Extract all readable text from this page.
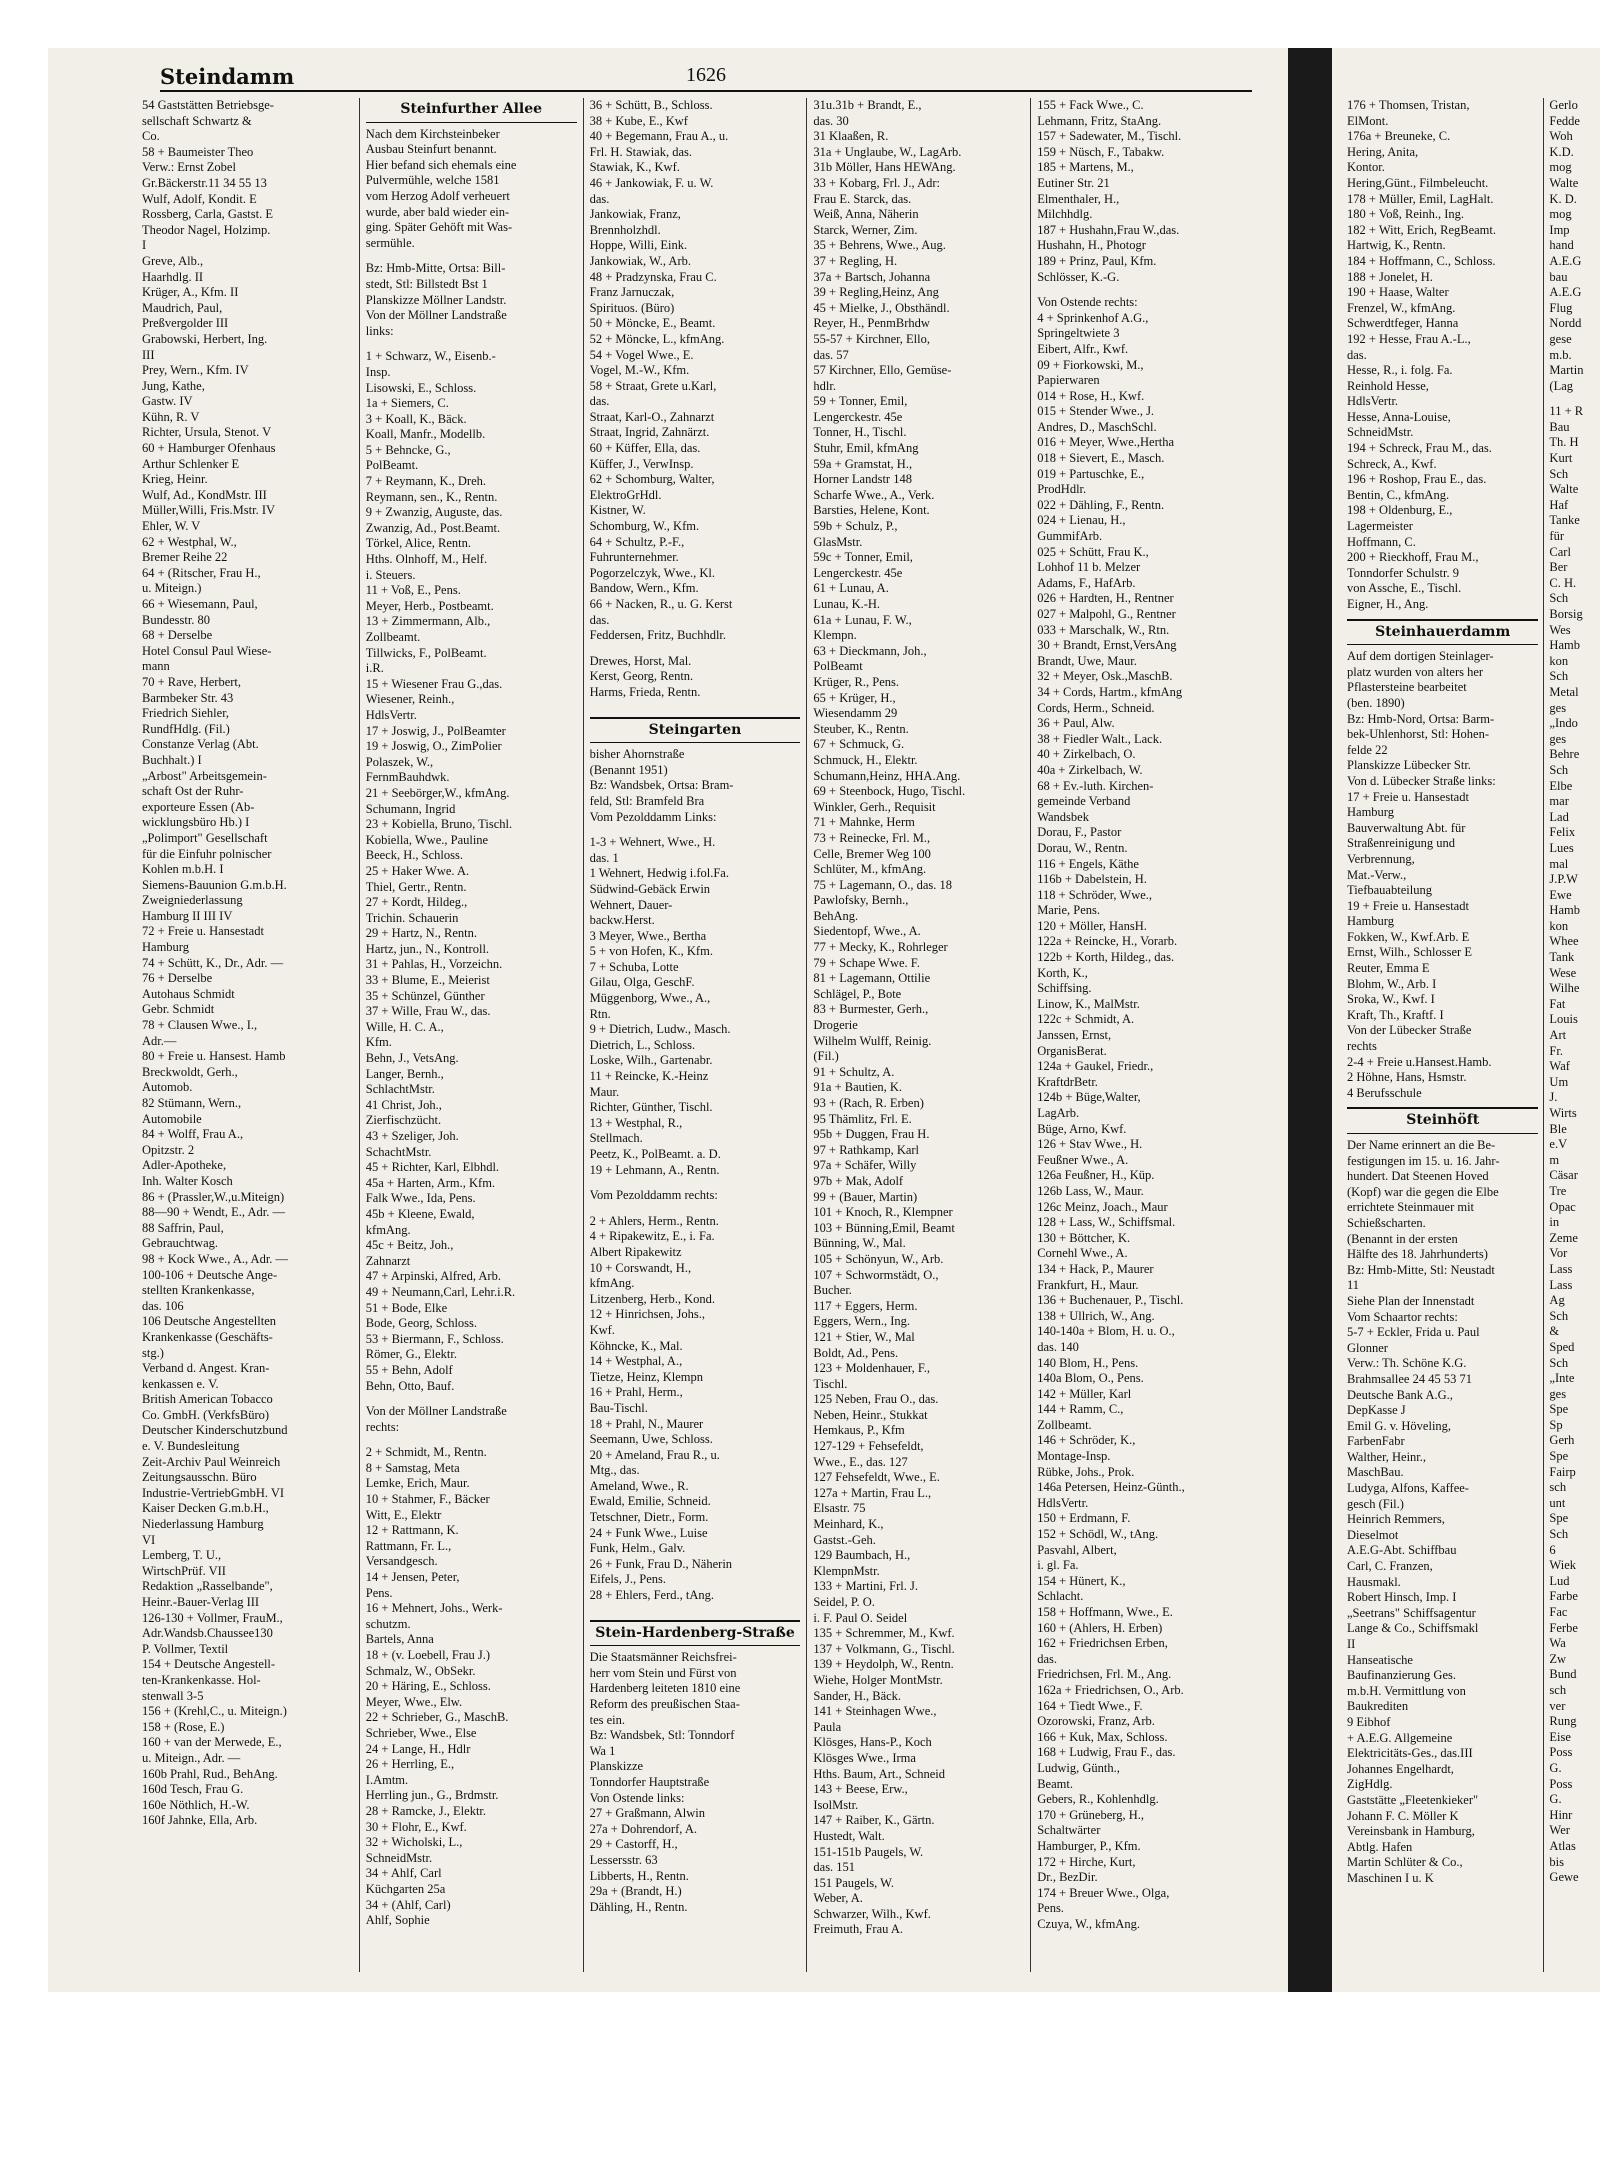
Steindamm	1626
54 Gaststätten Betriebsge-
sellschaft Schwartz &
Co.
58 + Baumeister Theo
Verw.: Ernst Zobel
Gr.Bäckerstr.11 34 55 13
Wulf, Adolf, Kondit. E
Rossberg, Carla, Gastst. E
Theodor Nagel, Holzimp.
I
Greve, Alb.,
Haarhdlg. II
Krüger, A., Kfm. II
Maudrich, Paul,
Preßvergolder III
Grabowski, Herbert, Ing.
III
Prey, Wern., Kfm. IV
Jung, Kathe,
Gastw. IV
Kühn, R. V
Richter, Ursula, Stenot. V
60 + Hamburger Ofenhaus
Arthur Schlenker E
Krieg, Heinr.
Wulf, Ad., KondMstr. III
Müller,Willi, Fris.Mstr. IV
Ehler, W. V
62 + Westphal, W.,
Bremer Reihe 22
64 + (Ritscher, Frau H.,
u. Miteign.)
66 + Wiesemann, Paul,
Bundesstr. 80
68 + Derselbe
Hotel Consul Paul Wiese-
mann
70 + Rave, Herbert,
Barmbeker Str. 43
Friedrich Siehler,
RundfHdlg. (Fil.)
Constanze Verlag (Abt.
Buchhalt.) I
„Arbost" Arbeitsgemein-
schaft Ost der Ruhr-
exporteure Essen (Ab-
wicklungsbüro Hb.) I
„Polimport" Gesellschaft
für die Einfuhr polnischer
Kohlen m.b.H. I
Siemens-Bauunion G.m.b.H.
Zweigniederlassung
Hamburg II III IV
72 + Freie u. Hansestadt
Hamburg
74 + Schütt, K., Dr., Adr. —
76 + Derselbe
Autohaus Schmidt
Gebr. Schmidt
78 + Clausen Wwe., I.,
Adr.—
80 + Freie u. Hansest. Hamb
Breckwoldt, Gerh.,
Automob.
82 Stümann, Wern.,
Automobile
84 + Wolff, Frau A.,
Opitzstr. 2
Adler-Apotheke,
Inh. Walter Kosch
86 + (Prassler,W.,u.Miteign)
88—90 + Wendt, E., Adr. —
88 Saffrin, Paul,
Gebrauchtwag.
98 + Kock Wwe., A., Adr. —
100-106 + Deutsche Ange-
stellten Krankenkasse,
das. 106
106 Deutsche Angestellten
Krankenkasse (Geschäfts-
stg.)
Verband d. Angest. Kran-
kenkassen e. V.
British American Tobacco
Co. GmbH. (VerkfsBüro)
Deutscher Kinderschutzbund
e. V. Bundesleitung
Zeit-Archiv Paul Weinreich
Zeitungsausschn. Büro
Industrie-VertriebGmbH. VI
Kaiser Decken G.m.b.H.,
Niederlassung Hamburg
VI
Lemberg, T. U.,
WirtschPrüf. VII
Redaktion „Rasselbande",
Heinr.-Bauer-Verlag III
126-130 + Vollmer, FrauM.,
Adr.Wandsb.Chaussee130
P. Vollmer, Textil
154 + Deutsche Angestell-
ten-Krankenkasse. Hol-
stenwall 3-5
156 + (Krehl,C., u. Miteign.)
158 + (Rose, E.)
160 + van der Merwede, E.,
u. Miteign., Adr. —
160b Prahl, Rud., BehAng.
160d Tesch, Frau G.
160e Nöthlich, H.-W.
160f Jahnke, Ella, Arb.
Steinfurther Allee
Nach dem Kirchsteinbeker
Ausbau Steinfurt benannt.
Hier befand sich ehemals eine
Pulvermühle, welche 1581
vom Herzog Adolf verheuert
wurde, aber bald wieder ein-
ging. Später Gehöft mit Was-
sermühle.
Bz: Hmb-Mitte, Ortsa: Bill-
stedt, Stl: Billstedt Bst 1
Planskizze Möllner Landstr.
Von der Möllner Landstraße
links:
1 + Schwarz, W., Eisenb.-
Insp.
Lisowski, E., Schloss.
1a + Siemers, C.
3 + Koall, K., Bäck.
Koall, Manfr., Modellb.
5 + Behncke, G.,
PolBeamt.
7 + Reymann, K., Dreh.
Reymann, sen., K., Rentn.
9 + Zwanzig, Auguste, das.
Zwanzig, Ad., Post.Beamt.
Törkel, Alice, Rentn.
Hths. Olnhoff, M., Helf.
i. Steuers.
11 + Voß, E., Pens.
Meyer, Herb., Postbeamt.
13 + Zimmermann, Alb.,
Zollbeamt.
Tillwicks, F., PolBeamt.
i.R.
15 + Wiesener Frau G.,das.
Wiesener, Reinh.,
HdlsVertr.
17 + Joswig, J., PolBeamter
19 + Joswig, O., ZimPolier
Polaszek, W.,
FernmBauhdwk.
21 + Seebörger,W., kfmAng.
Schumann, Ingrid
23 + Kobiella, Bruno, Tischl.
Kobiella, Wwe., Pauline
Beeck, H., Schloss.
25 + Haker Wwe. A.
Thiel, Gertr., Rentn.
27 + Kordt, Hildeg.,
Trichin. Schauerin
29 + Hartz, N., Rentn.
Hartz, jun., N., Kontroll.
31 + Pahlas, H., Vorzeichn.
33 + Blume, E., Meierist
35 + Schünzel, Günther
37 + Wille, Frau W., das.
Wille, H. C. A.,
Kfm.
Behn, J., VetsAng.
Langer, Bernh.,
SchlachtMstr.
41 Christ, Joh.,
Zierfischzücht.
43 + Szeliger, Joh.
SchachtMstr.
45 + Richter, Karl, Elbhdl.
45a + Harten, Arm., Kfm.
Falk Wwe., Ida, Pens.
45b + Kleene, Ewald,
kfmAng.
45c + Beitz, Joh.,
Zahnarzt
47 + Arpinski, Alfred, Arb.
49 + Neumann,Carl, Lehr.i.R.
51 + Bode, Elke
Bode, Georg, Schloss.
53 + Biermann, F., Schloss.
Römer, G., Elektr.
55 + Behn, Adolf
Behn, Otto, Bauf.
Von der Möllner Landstraße
rechts:
2 + Schmidt, M., Rentn.
8 + Samstag, Meta
Lemke, Erich, Maur.
10 + Stahmer, F., Bäcker
Witt, E., Elektr
12 + Rattmann, K.
Rattmann, Fr. L.,
Versandgesch.
14 + Jensen, Peter,
Pens.
16 + Mehnert, Johs., Werk-
schutzm.
Bartels, Anna
18 + (v. Loebell, Frau J.)
Schmalz, W., ObSekr.
20 + Häring, E., Schloss.
Meyer, Wwe., Elw.
22 + Schrieber, G., MaschB.
Schrieber, Wwe., Else
24 + Lange, H., Hdlr
26 + Herrling, E.,
I.Amtm.
Herrling jun., G., Brdmstr.
28 + Ramcke, J., Elektr.
30 + Flohr, E., Kwf.
32 + Wicholski, L.,
SchneidMstr.
34 + Ahlf, Carl
Küchgarten 25a
34 + (Ahlf, Carl)
Ahlf, Sophie
36 + Schütt, B., Schloss.
38 + Kube, E., Kwf
40 + Begemann, Frau A., u.
Frl. H. Stawiak, das.
Stawiak, K., Kwf.
46 + Jankowiak, F. u. W.
das.
Jankowiak, Franz,
Brennholzhdl.
Hoppe, Willi, Eink.
Jankowiak, W., Arb.
48 + Pradzynska, Frau C.
Franz Jarnuczak,
Spirituos. (Büro)
50 + Möncke, E., Beamt.
52 + Möncke, L., kfmAng.
54 + Vogel Wwe., E.
Vogel, M.-W., Kfm.
58 + Straat, Grete u.Karl,
das.
Straat, Karl-O., Zahnarzt
Straat, Ingrid, Zahnärzt.
60 + Küffer, Ella, das.
Küffer, J., VerwInsp.
62 + Schomburg, Walter,
ElektroGrHdl.
Kistner, W.
Schomburg, W., Kfm.
64 + Schultz, P.-F.,
Fuhrunternehmer.
Pogorzelczyk, Wwe., Kl.
Bandow, Wern., Kfm.
66 + Nacken, R., u. G. Kerst
das.
Feddersen, Fritz, Buchhdlr.
Drewes, Horst, Mal.
Kerst, Georg, Rentn.
Harms, Frieda, Rentn.
Steingarten
bisher Ahornstraße
(Benannt 1951)
Bz: Wandsbek, Ortsa: Bram-
feld, Stl: Bramfeld Bra
Vom Pezolddamm Links:
1-3 + Wehnert, Wwe., H.
das. 1
1 Wehnert, Hedwig i.fol.Fa.
Südwind-Gebäck Erwin
Wehnert, Dauer-
backw.Herst.
3 Meyer, Wwe., Bertha
5 + von Hofen, K., Kfm.
7 + Schuba, Lotte
Gilau, Olga, GeschF.
Müggenborg, Wwe., A.,
Rtn.
9 + Dietrich, Ludw., Masch.
Dietrich, L., Schloss.
Loske, Wilh., Gartenabr.
11 + Reincke, K.-Heinz
Maur.
Richter, Günther, Tischl.
13 + Westphal, R.,
Stellmach.
Peetz, K., PolBeamt. a. D.
19 + Lehmann, A., Rentn.
Vom Pezolddamm rechts:
2 + Ahlers, Herm., Rentn.
4 + Ripakewitz, E., i. Fa.
Albert Ripakewitz
10 + Corswandt, H.,
kfmAng.
Litzenberg, Herb., Kond.
12 + Hinrichsen, Johs.,
Kwf.
Köhncke, K., Mal.
14 + Westphal, A.,
Tietze, Heinz, Klempn
16 + Prahl, Herm.,
Bau-Tischl.
18 + Prahl, N., Maurer
Seemann, Uwe, Schloss.
20 + Ameland, Frau R., u.
Mtg., das.
Ameland, Wwe., R.
Ewald, Emilie, Schneid.
Tetschner, Dietr., Form.
24 + Funk Wwe., Luise
Funk, Helm., Galv.
26 + Funk, Frau D., Näherin
Eifels, J., Pens.
28 + Ehlers, Ferd., tAng.
Stein-Hardenberg-Straße
Die Staatsmänner Reichsfrei-
herr vom Stein und Fürst von
Hardenberg leiteten 1810 eine
Reform des preußischen Staa-
tes ein.
Bz: Wandsbek, Stl: Tonndorf
Wa 1
Planskizze
Tonndorfer Hauptstraße
Von Ostende links:
27 + Graßmann, Alwin
27a + Dohrendorf, A.
29 + Castorff, H.,
Lessersstr. 63
Libberts, H., Rentn.
29a + (Brandt, H.)
Dähling, H., Rentn.
31u.31b + Brandt, E.,
das. 30
31 Klaaßen, R.
31a + Unglaube, W., LagArb.
31b Möller, Hans HEWAng.
33 + Kobarg, Frl. J., Adr:
Frau E. Starck, das.
Weiß, Anna, Näherin
Starck, Werner, Zim.
35 + Behrens, Wwe., Aug.
37 + Regling, H.
37a + Bartsch, Johanna
39 + Regling,Heinz, Ang
45 + Mielke, J., Obsthändl.
Reyer, H., PenmBrhdw
55-57 + Kirchner, Ello,
das. 57
57 Kirchner, Ello, Gemüse-
hdlr.
59 + Tonner, Emil,
Lengerckestr. 45e
Tonner, H., Tischl.
Stuhr, Emil, kfmAng
59a + Gramstat, H.,
Horner Landstr 148
Scharfe Wwe., A., Verk.
Barsties, Helene, Kont.
59b + Schulz, P.,
GlasMstr.
59c + Tonner, Emil,
Lengerckestr. 45e
61 + Lunau, A.
Lunau, K.-H.
61a + Lunau, F. W.,
Klempn.
63 + Dieckmann, Joh.,
PolBeamt
Krüger, R., Pens.
65 + Krüger, H.,
Wiesendamm 29
Steuber, K., Rentn.
67 + Schmuck, G.
Schmuck, H., Elektr.
Schumann,Heinz, HHA.Ang.
69 + Steenbock, Hugo, Tischl.
Winkler, Gerh., Requisit
71 + Mahnke, Herm
73 + Reinecke, Frl. M.,
Celle, Bremer Weg 100
Schlüter, M., kfmAng.
75 + Lagemann, O., das. 18
Pawlofsky, Bernh.,
BehAng.
Siedentopf, Wwe., A.
77 + Mecky, K., Rohrleger
79 + Schape Wwe. F.
81 + Lagemann, Ottilie
Schlägel, P., Bote
83 + Burmester, Gerh.,
Drogerie
Wilhelm Wulff, Reinig.
(Fil.)
91 + Schultz, A.
91a + Bautien, K.
93 + (Rach, R. Erben)
95 Thämlitz, Frl. E.
95b + Duggen, Frau H.
97 + Rathkamp, Karl
97a + Schäfer, Willy
97b + Mak, Adolf
99 + (Bauer, Martin)
101 + Knoch, R., Klempner
103 + Bünning,Emil, Beamt
Bünning, W., Mal.
105 + Schönyun, W., Arb.
107 + Schwormstädt, O.,
Bucher.
117 + Eggers, Herm.
Eggers, Wern., Ing.
121 + Stier, W., Mal
Boldt, Ad., Pens.
123 + Moldenhauer, F.,
Tischl.
125 Neben, Frau O., das.
Neben, Heinr., Stukkat
Hemkaus, P., Kfm
127-129 + Fehsefeldt,
Wwe., E., das. 127
127 Fehsefeldt, Wwe., E.
127a + Martin, Frau L.,
Elsastr. 75
Meinhard, K.,
Gastst.-Geh.
129 Baumbach, H.,
KlempnMstr.
133 + Martini, Frl. J.
Seidel, P. O.
i. F. Paul O. Seidel
135 + Schremmer, M., Kwf.
137 + Volkmann, G., Tischl.
139 + Heydolph, W., Rentn.
Wiehe, Holger MontMstr.
Sander, H., Bäck.
141 + Steinhagen Wwe.,
Paula
Klösges, Hans-P., Koch
Klösges Wwe., Irma
Hths. Baum, Art., Schneid
143 + Beese, Erw.,
IsolMstr.
147 + Raiber, K., Gärtn.
Hustedt, Walt.
151-151b Paugels, W.
das. 151
151 Paugels, W.
Weber, A.
Schwarzer, Wilh., Kwf.
Freimuth, Frau A.
155 + Fack Wwe., C.
Lehmann, Fritz, StaAng.
157 + Sadewater, M., Tischl.
159 + Nüsch, F., Tabakw.
185 + Martens, M.,
Eutiner Str. 21
Elmenthaler, H.,
Milchhdlg.
187 + Hushahn,Frau W.,das.
Hushahn, H., Photogr
189 + Prinz, Paul, Kfm.
Schlösser, K.-G.
Von Ostende rechts:
4 + Sprinkenhof A.G.,
Springeltwiete 3
Eibert, Alfr., Kwf.
09 + Fiorkowski, M.,
Papierwaren
014 + Rose, H., Kwf.
015 + Stender Wwe., J.
Andres, D., MaschSchl.
016 + Meyer, Wwe.,Hertha
018 + Sievert, E., Masch.
019 + Partuschke, E.,
ProdHdlr.
022 + Dähling, F., Rentn.
024 + Lienau, H.,
GummifArb.
025 + Schütt, Frau K.,
Lohhof 11 b. Melzer
Adams, F., HafArb.
026 + Hardten, H., Rentner
027 + Malpohl, G., Rentner
033 + Marschalk, W., Rtn.
30 + Brandt, Ernst,VersAng
Brandt, Uwe, Maur.
32 + Meyer, Osk.,MaschB.
34 + Cords, Hartm., kfmAng
Cords, Herm., Schneid.
36 + Paul, Alw.
38 + Fiedler Walt., Lack.
40 + Zirkelbach, O.
40a + Zirkelbach, W.
68 + Ev.-luth. Kirchen-
gemeinde Verband
Wandsbek
Dorau, F., Pastor
Dorau, W., Rentn.
116 + Engels, Käthe
116b + Dabelstein, H.
118 + Schröder, Wwe.,
Marie, Pens.
120 + Möller, HansH.
122a + Reincke, H., Vorarb.
122b + Korth, Hildeg., das.
Korth, K.,
Schiffsing.
Linow, K., MalMstr.
122c + Schmidt, A.
Janssen, Ernst,
OrganisBerat.
124a + Gaukel, Friedr.,
KraftdrBetr.
124b + Büge,Walter,
LagArb.
Büge, Arno, Kwf.
126 + Stav Wwe., H.
Feußner Wwe., A.
126a Feußner, H., Küp.
126b Lass, W., Maur.
126c Meinz, Joach., Maur
128 + Lass, W., Schiffsmal.
130 + Böttcher, K.
Cornehl Wwe., A.
134 + Hack, P., Maurer
Frankfurt, H., Maur.
136 + Buchenauer, P., Tischl.
138 + Ullrich, W., Ang.
140-140a + Blom, H. u. O.,
das. 140
140 Blom, H., Pens.
140a Blom, O., Pens.
142 + Müller, Karl
144 + Ramm, C.,
Zollbeamt.
146 + Schröder, K.,
Montage-Insp.
Rübke, Johs., Prok.
146a Petersen, Heinz-Günth.,
HdlsVertr.
150 + Erdmann, F.
152 + Schödl, W., tAng.
Pasvahl, Albert,
i. gl. Fa.
154 + Hünert, K.,
Schlacht.
158 + Hoffmann, Wwe., E.
160 + (Ahlers, H. Erben)
162 + Friedrichsen Erben,
das.
Friedrichsen, Frl. M., Ang.
162a + Friedrichsen, O., Arb.
164 + Tiedt Wwe., F.
Ozorowski, Franz, Arb.
166 + Kuk, Max, Schloss.
168 + Ludwig, Frau F., das.
Ludwig, Günth.,
Beamt.
Gebers, R., Kohlenhdlg.
170 + Grüneberg, H.,
Schaltwärter
Hamburger, P., Kfm.
172 + Hirche, Kurt,
Dr., BezDir.
174 + Breuer Wwe., Olga,
Pens.
Czuya, W., kfmAng.
176 + Thomsen, Tristan,
ElMont.
176a + Breuneke, C.
Hering, Anita,
Kontor.
Hering,Günt., Filmbeleucht.
178 + Müller, Emil, LagHalt.
180 + Voß, Reinh., Ing.
182 + Witt, Erich, RegBeamt.
Hartwig, K., Rentn.
184 + Hoffmann, C., Schloss.
188 + Jonelet, H.
190 + Haase, Walter
Frenzel, W., kfmAng.
Schwerdtfeger, Hanna
192 + Hesse, Frau A.-L.,
das.
Hesse, R., i. folg. Fa.
Reinhold Hesse,
HdlsVertr.
Hesse, Anna-Louise,
SchneidMstr.
194 + Schreck, Frau M., das.
Schreck, A., Kwf.
196 + Roshop, Frau E., das.
Bentin, C., kfmAng.
198 + Oldenburg, E.,
Lagermeister
Hoffmann, C.
200 + Rieckhoff, Frau M.,
Tonndorfer Schulstr. 9
von Assche, E., Tischl.
Eigner, H., Ang.
Steinhauerdamm
Auf dem dortigen Steinlager-
platz wurden von alters her
Pflastersteine bearbeitet
(ben. 1890)
Bz: Hmb-Nord, Ortsa: Barm-
bek-Uhlenhorst, Stl: Hohen-
felde 22
Planskizze Lübecker Str.
Von d. Lübecker Straße links:
17 + Freie u. Hansestadt
Hamburg
Bauverwaltung Abt. für
Straßenreinigung und
Verbrennung,
Mat.-Verw.,
Tiefbauabteilung
19 + Freie u. Hansestadt
Hamburg
Fokken, W., Kwf.Arb. E
Ernst, Wilh., Schlosser E
Reuter, Emma E
Blohm, W., Arb. I
Sroka, W., Kwf. I
Kraft, Th., Kraftf. I
Von der Lübecker Straße
rechts
2-4 + Freie u.Hansest.Hamb.
2 Höhne, Hans, Hsmstr.
4 Berufsschule
Steinhöft
Der Name erinnert an die Be-
festigungen im 15. u. 16. Jahr-
hundert. Dat Steenen Hoved
(Kopf) war die gegen die Elbe
errichtete Steinmauer mit
Schießscharten.
(Benannt in der ersten
Hälfte des 18. Jahrhunderts)
Bz: Hmb-Mitte, Stl: Neustadt
11
Siehe Plan der Innenstadt
Vom Schaartor rechts:
5-7 + Eckler, Frida u. Paul
Glonner
Verw.: Th. Schöne K.G.
Brahmsallee 24 45 53 71
Deutsche Bank A.G.,
DepKasse J
Emil G. v. Höveling,
FarbenFabr
Walther, Heinr.,
MaschBau.
Ludyga, Alfons, Kaffee-
gesch (Fil.)
Heinrich Remmers,
Dieselmot
A.E.G-Abt. Schiffbau
Carl, C. Franzen,
Hausmakl.
Robert Hinsch, Imp. I
„Seetrans" Schiffsagentur
Lange & Co., Schiffsmakl
II
Hanseatische
Baufinanzierung Ges.
m.b.H. Vermittlung von
Baukrediten
9 Eibhof
+ A.E.G. Allgemeine
Elektricitäts-Ges., das.III
Johannes Engelhardt,
ZigHdlg.
Gaststätte „Fleetenkieker"
Johann F. C. Möller K
Vereinsbank in Hamburg,
Abtlg. Hafen
Martin Schlüter & Co.,
Maschinen I u. K
Gerlo
Fedde
Woh
K.D.
mog
Walte
K. D.
mog
Imp
hand
A.E.G
bau
A.E.G
Flug
Nordd
gese
m.b.
Martin
(Lag
11 + R
Bau
Th. H
Kurt
Sch
Walte
Haf
Tanke
für
Carl
Ber
C. H.
Sch
Borsig
Wes
Hamb
kon
Sch
Metal
ges
„Indo
ges
Behre
Sch
Elbe
mar
Lad
Felix
Lues
mal
J.P.W
Ewe
Hamb
kon
Whee
Tank
Wese
Wilhe
Fat
Louis
Art
Fr.
Waf
Um
J.
Wirts
Ble
e.V
m
Cäsar
Tre
Opac
in
Zeme
Vor
Lass
Lass
Ag
Sch
&
Sped
Sch
„Inte
ges
Spe
Sp
Gerh
Spe
Fairp
sch
unt
Spe
Sch
6
Wiek
Lud
Farbe
Fac
Ferbe
Wa
Zw
Bund
sch
ver
Rung
Eise
Poss
G.
Poss
G.
Hinr
Wer
Atlas
bis
Gewe
